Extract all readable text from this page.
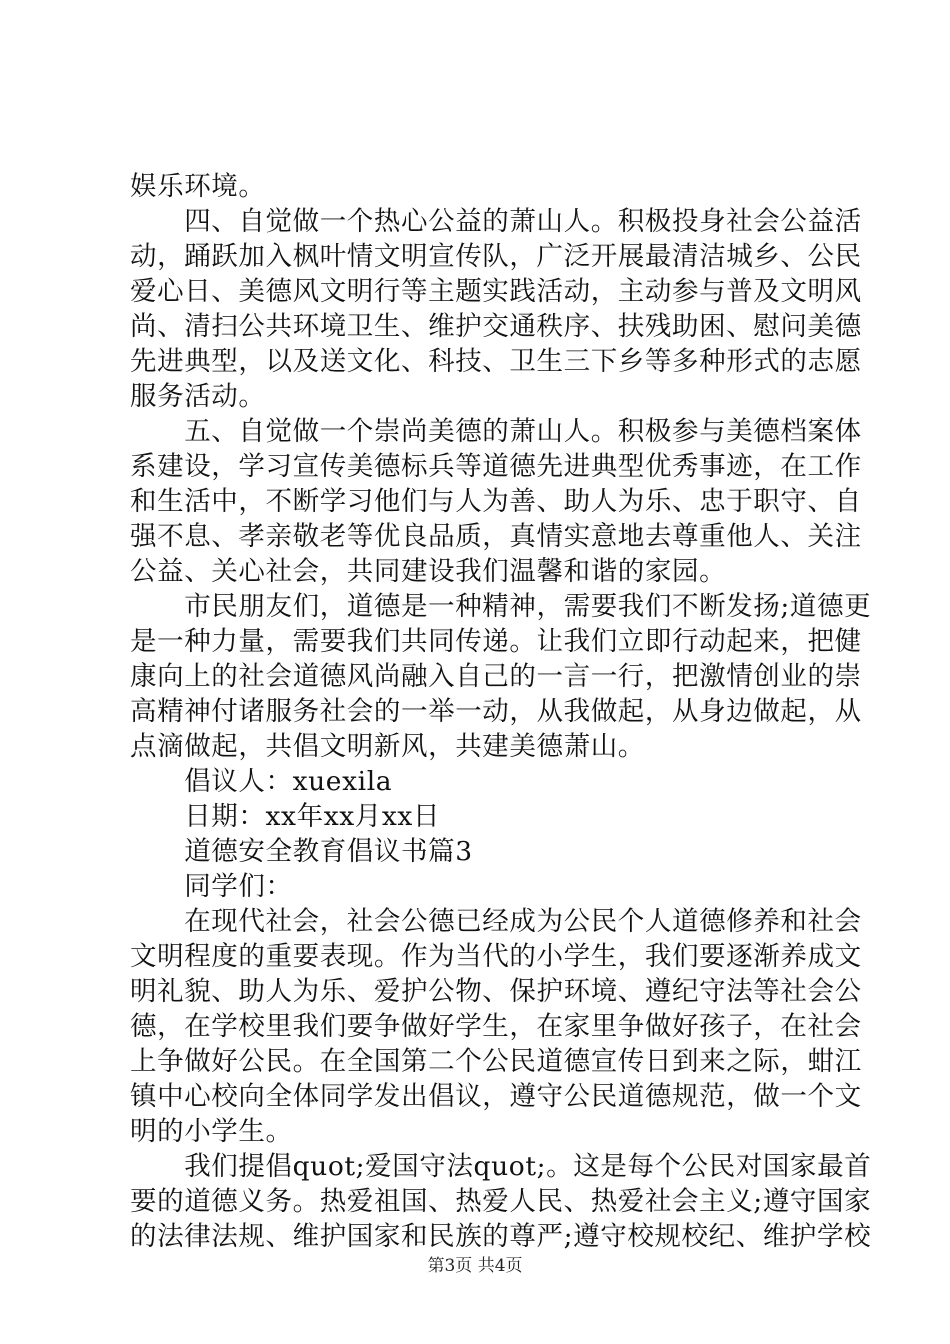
娱乐环境。
　　四、自觉做一个热心公益的萧山人。积极投身社会公益活
动，踊跃加入枫叶情文明宣传队，广泛开展最清洁城乡、公民
爱心日、美德风文明行等主题实践活动，主动参与普及文明风
尚、清扫公共环境卫生、维护交通秩序、扶残助困、慰问美德
先进典型，以及送文化、科技、卫生三下乡等多种形式的志愿
服务活动。
　　五、自觉做一个崇尚美德的萧山人。积极参与美德档案体
系建设，学习宣传美德标兵等道德先进典型优秀事迹，在工作
和生活中，不断学习他们与人为善、助人为乐、忠于职守、自
强不息、孝亲敬老等优良品质，真情实意地去尊重他人、关注
公益、关心社会，共同建设我们温馨和谐的家园。
　　市民朋友们，道德是一种精神，需要我们不断发扬;道德更
是一种力量，需要我们共同传递。让我们立即行动起来，把健
康向上的社会道德风尚融入自己的一言一行，把激情创业的崇
高精神付诸服务社会的一举一动，从我做起，从身边做起，从
点滴做起，共倡文明新风，共建美德萧山。
　　倡议人：xuexila
　　日期：xx年xx月xx日
　　道德安全教育倡议书篇3
　　同学们：
　　在现代社会，社会公德已经成为公民个人道德修养和社会
文明程度的重要表现。作为当代的小学生，我们要逐渐养成文
明礼貌、助人为乐、爱护公物、保护环境、遵纪守法等社会公
德，在学校里我们要争做好学生，在家里争做好孩子，在社会
上争做好公民。在全国第二个公民道德宣传日到来之际，蚶江
镇中心校向全体同学发出倡议，遵守公民道德规范，做一个文
明的小学生。
　　我们提倡quot;爱国守法quot;。这是每个公民对国家最首
要的道德义务。热爱祖国、热爱人民、热爱社会主义;遵守国家
的法律法规、维护国家和民族的尊严;遵守校规校纪、维护学校
第3页 共4页
